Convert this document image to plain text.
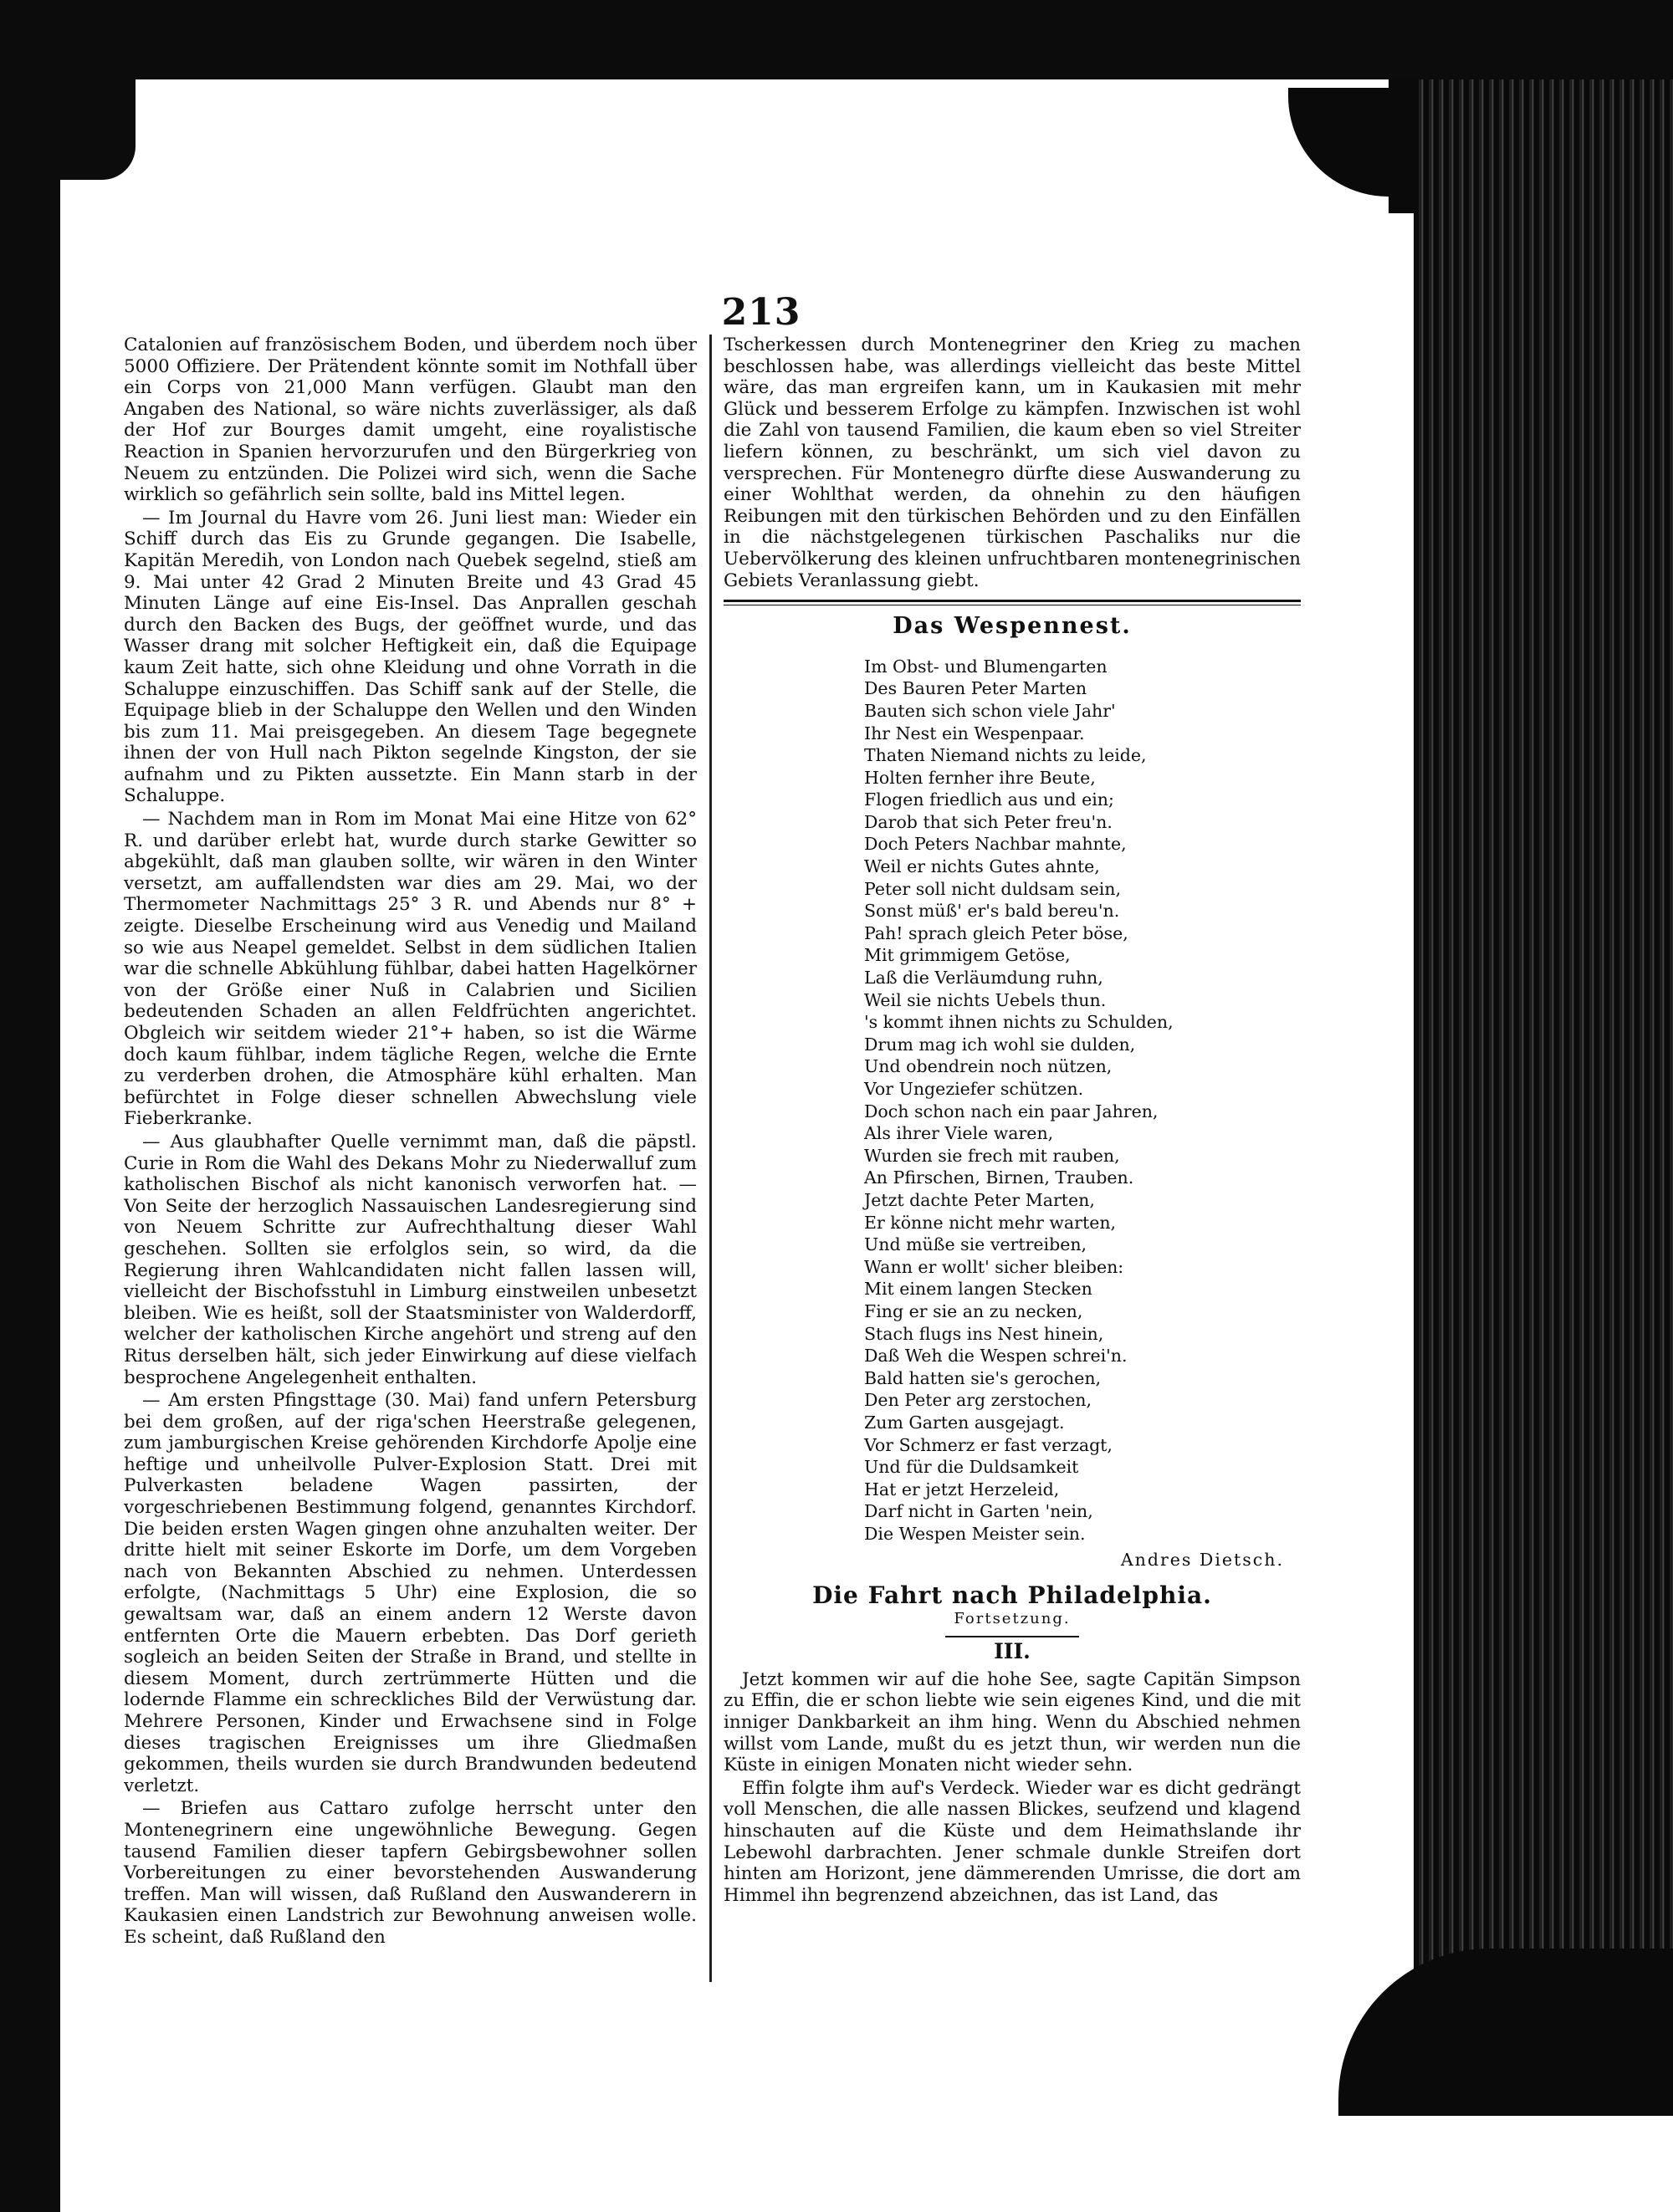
213

Catalonien auf französischem Boden, und überdem noch über 5000 Offiziere. Der Prätendent könnte somit im Nothfall über ein Corps von 21,000 Mann verfügen. Glaubt man den Angaben des National, so wäre nichts zuverlässiger, als daß der Hof zur Bourges damit umgeht, eine royalistische Reaction in Spanien hervorzurufen und den Bürgerkrieg von Neuem zu entzünden. Die Polizei wird sich, wenn die Sache wirklich so gefährlich sein sollte, bald ins Mittel legen.

— Im Journal du Havre vom 26. Juni liest man: Wieder ein Schiff durch das Eis zu Grunde gegangen. Die Isabelle, Kapitän Meredih, von London nach Quebek segelnd, stieß am 9. Mai unter 42 Grad 2 Minuten Breite und 43 Grad 45 Minuten Länge auf eine Eis-Insel. Das Anprallen geschah durch den Backen des Bugs, der geöffnet wurde, und das Wasser drang mit solcher Heftigkeit ein, daß die Equipage kaum Zeit hatte, sich ohne Kleidung und ohne Vorrath in die Schaluppe einzuschiffen. Das Schiff sank auf der Stelle, die Equipage blieb in der Schaluppe den Wellen und den Winden bis zum 11. Mai preisgegeben. An diesem Tage begegnete ihnen der von Hull nach Pikton segelnde Kingston, der sie aufnahm und zu Pikten aussetzte. Ein Mann starb in der Schaluppe.

— Nachdem man in Rom im Monat Mai eine Hitze von 62° R. und darüber erlebt hat, wurde durch starke Gewitter so abgekühlt, daß man glauben sollte, wir wären in den Winter versetzt, am auffallendsten war dies am 29. Mai, wo der Thermometer Nachmittags 25° 3 R. und Abends nur 8° + zeigte. Dieselbe Erscheinung wird aus Venedig und Mailand so wie aus Neapel gemeldet. Selbst in dem südlichen Italien war die schnelle Abkühlung fühlbar, dabei hatten Hagelkörner von der Größe einer Nuß in Calabrien und Sicilien bedeutenden Schaden an allen Feldfrüchten angerichtet. Obgleich wir seitdem wieder 21°+ haben, so ist die Wärme doch kaum fühlbar, indem tägliche Regen, welche die Ernte zu verderben drohen, die Atmosphäre kühl erhalten. Man befürchtet in Folge dieser schnellen Abwechslung viele Fieberkranke.

— Aus glaubhafter Quelle vernimmt man, daß die päpstl. Curie in Rom die Wahl des Dekans Mohr zu Niederwalluf zum katholischen Bischof als nicht kanonisch verworfen hat. — Von Seite der herzoglich Nassauischen Landesregierung sind von Neuem Schritte zur Aufrechthaltung dieser Wahl geschehen. Sollten sie erfolglos sein, so wird, da die Regierung ihren Wahlcandidaten nicht fallen lassen will, vielleicht der Bischofsstuhl in Limburg einstweilen unbesetzt bleiben. Wie es heißt, soll der Staatsminister von Walderdorff, welcher der katholischen Kirche angehört und streng auf den Ritus derselben hält, sich jeder Einwirkung auf diese vielfach besprochene Angelegenheit enthalten.

— Am ersten Pfingsttage (30. Mai) fand unfern Petersburg bei dem großen, auf der riga'schen Heerstraße gelegenen, zum jamburgischen Kreise gehörenden Kirchdorfe Apolje eine heftige und unheilvolle Pulver-Explosion Statt. Drei mit Pulverkasten beladene Wagen passirten, der vorgeschriebenen Bestimmung folgend, genanntes Kirchdorf. Die beiden ersten Wagen gingen ohne anzuhalten weiter. Der dritte hielt mit seiner Eskorte im Dorfe, um dem Vorgeben nach von Bekannten Abschied zu nehmen. Unterdessen erfolgte, (Nachmittags 5 Uhr) eine Explosion, die so gewaltsam war, daß an einem andern 12 Werste davon entfernten Orte die Mauern erbebten. Das Dorf gerieth sogleich an beiden Seiten der Straße in Brand, und stellte in diesem Moment, durch zertrümmerte Hütten und die lodernde Flamme ein schreckliches Bild der Verwüstung dar. Mehrere Personen, Kinder und Erwachsene sind in Folge dieses tragischen Ereignisses um ihre Gliedmaßen gekommen, theils wurden sie durch Brandwunden bedeutend verletzt.

— Briefen aus Cattaro zufolge herrscht unter den Montenegrinern eine ungewöhnliche Bewegung. Gegen tausend Familien dieser tapfern Gebirgsbewohner sollen Vorbereitungen zu einer bevorstehenden Auswanderung treffen. Man will wissen, daß Rußland den Auswanderern in Kaukasien einen Landstrich zur Bewohnung anweisen wolle. Es scheint, daß Rußland den

Tscherkessen durch Montenegriner den Krieg zu machen beschlossen habe, was allerdings vielleicht das beste Mittel wäre, das man ergreifen kann, um in Kaukasien mit mehr Glück und besserem Erfolge zu kämpfen. Inzwischen ist wohl die Zahl von tausend Familien, die kaum eben so viel Streiter liefern können, zu beschränkt, um sich viel davon zu versprechen. Für Montenegro dürfte diese Auswanderung zu einer Wohlthat werden, da ohnehin zu den häufigen Reibungen mit den türkischen Behörden und zu den Einfällen in die nächstgelegenen türkischen Paschaliks nur die Uebervölkerung des kleinen unfruchtbaren montenegrinischen Gebiets Veranlassung giebt.

Das Wespennest.
Im Obst- und Blumengarten
Des Bauren Peter Marten
Bauten sich schon viele Jahr'
Ihr Nest ein Wespenpaar.
Thaten Niemand nichts zu leide,
Holten fernher ihre Beute,
Flogen friedlich aus und ein;
Darob that sich Peter freu'n.
Doch Peters Nachbar mahnte,
Weil er nichts Gutes ahnte,
Peter soll nicht duldsam sein,
Sonst müß' er's bald bereu'n.
Pah! sprach gleich Peter böse,
Mit grimmigem Getöse,
Laß die Verläumdung ruhn,
Weil sie nichts Uebels thun.
's kommt ihnen nichts zu Schulden,
Drum mag ich wohl sie dulden,
Und obendrein noch nützen,
Vor Ungeziefer schützen.
Doch schon nach ein paar Jahren,
Als ihrer Viele waren,
Wurden sie frech mit rauben,
An Pfirschen, Birnen, Trauben.
Jetzt dachte Peter Marten,
Er könne nicht mehr warten,
Und müße sie vertreiben,
Wann er wollt' sicher bleiben:
Mit einem langen Stecken
Fing er sie an zu necken,
Stach flugs ins Nest hinein,
Daß Weh die Wespen schrei'n.
Bald hatten sie's gerochen,
Den Peter arg zerstochen,
Zum Garten ausgejagt.
Vor Schmerz er fast verzagt,
Und für die Duldsamkeit
Hat er jetzt Herzeleid,
Darf nicht in Garten 'nein,
Die Wespen Meister sein.
Andres Dietsch.
Die Fahrt nach Philadelphia.
Fortsetzung.
III.

Jetzt kommen wir auf die hohe See, sagte Capitän Simpson zu Effin, die er schon liebte wie sein eigenes Kind, und die mit inniger Dankbarkeit an ihm hing. Wenn du Abschied nehmen willst vom Lande, mußt du es jetzt thun, wir werden nun die Küste in einigen Monaten nicht wieder sehn.

Effin folgte ihm auf's Verdeck. Wieder war es dicht gedrängt voll Menschen, die alle nassen Blickes, seufzend und klagend hinschauten auf die Küste und dem Heimathslande ihr Lebewohl darbrachten. Jener schmale dunkle Streifen dort hinten am Horizont, jene dämmerenden Umrisse, die dort am Himmel ihn begrenzend abzeichnen, das ist Land, das
